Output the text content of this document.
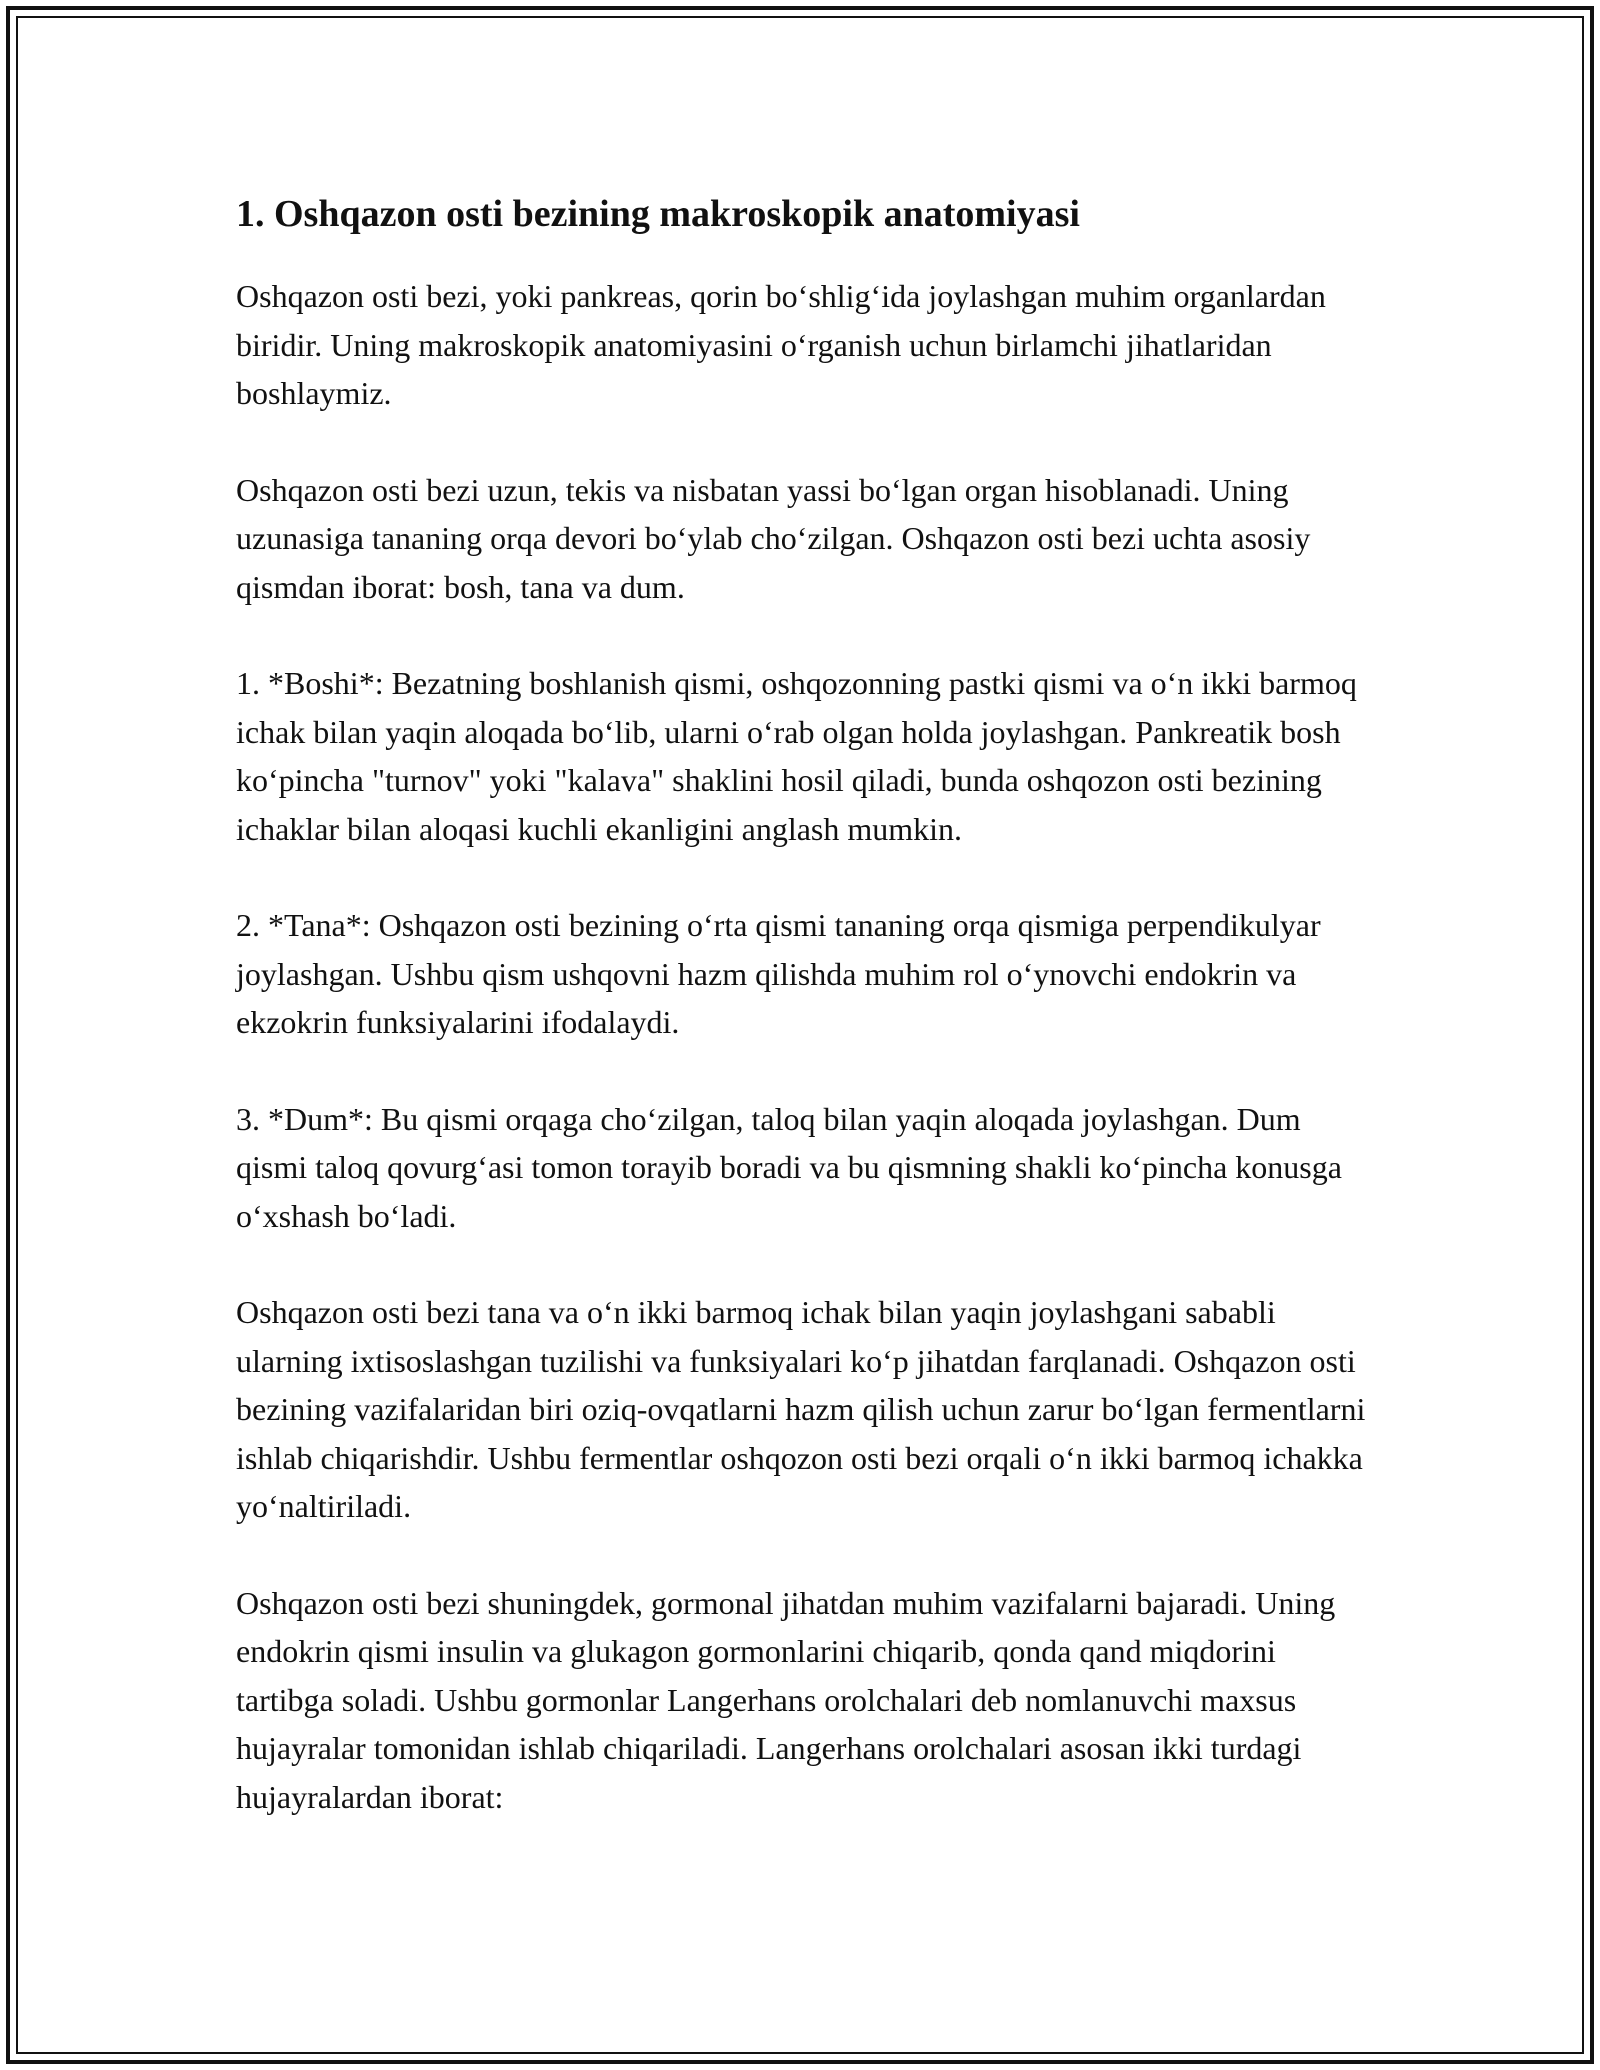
1. Oshqazon osti bezining makroskopik anatomiyasi

Oshqazon osti bezi, yoki pankreas, qorin bo‘shlig‘ida joylashgan muhim organlardan biridir. Uning makroskopik anatomiyasini o‘rganish uchun birlamchi jihatlaridan boshlaymiz.

Oshqazon osti bezi uzun, tekis va nisbatan yassi bo‘lgan organ hisoblanadi. Uning uzunasiga tananing orqa devori bo‘ylab cho‘zilgan. Oshqazon osti bezi uchta asosiy qismdan iborat: bosh, tana va dum.

1. *Boshi*: Bezatning boshlanish qismi, oshqozonning pastki qismi va o‘n ikki barmoq ichak bilan yaqin aloqada bo‘lib, ularni o‘rab olgan holda joylashgan. Pankreatik bosh ko‘pincha "turnov" yoki "kalava" shaklini hosil qiladi, bunda oshqozon osti bezining ichaklar bilan aloqasi kuchli ekanligini anglash mumkin.

2. *Tana*: Oshqazon osti bezining o‘rta qismi tananing orqa qismiga perpendikulyar joylashgan. Ushbu qism ushqovni hazm qilishda muhim rol o‘ynovchi endokrin va ekzokrin funksiyalarini ifodalaydi.

3. *Dum*: Bu qismi orqaga cho‘zilgan, taloq bilan yaqin aloqada joylashgan. Dum qismi taloq qovurg‘asi tomon torayib boradi va bu qismning shakli ko‘pincha konusga o‘xshash bo‘ladi.

Oshqazon osti bezi tana va o‘n ikki barmoq ichak bilan yaqin joylashgani sababli ularning ixtisoslashgan tuzilishi va funksiyalari ko‘p jihatdan farqlanadi. Oshqazon osti bezining vazifalaridan biri oziq-ovqatlarni hazm qilish uchun zarur bo‘lgan fermentlarni ishlab chiqarishdir. Ushbu fermentlar oshqozon osti bezi orqali o‘n ikki barmoq ichakka yo‘naltiriladi.

Oshqazon osti bezi shuningdek, gormonal jihatdan muhim vazifalarni bajaradi. Uning endokrin qismi insulin va glukagon gormonlarini chiqarib, qonda qand miqdorini tartibga soladi. Ushbu gormonlar Langerhans orolchalari deb nomlanuvchi maxsus hujayralar tomonidan ishlab chiqariladi. Langerhans orolchalari asosan ikki turdagi hujayralardan iborat:
